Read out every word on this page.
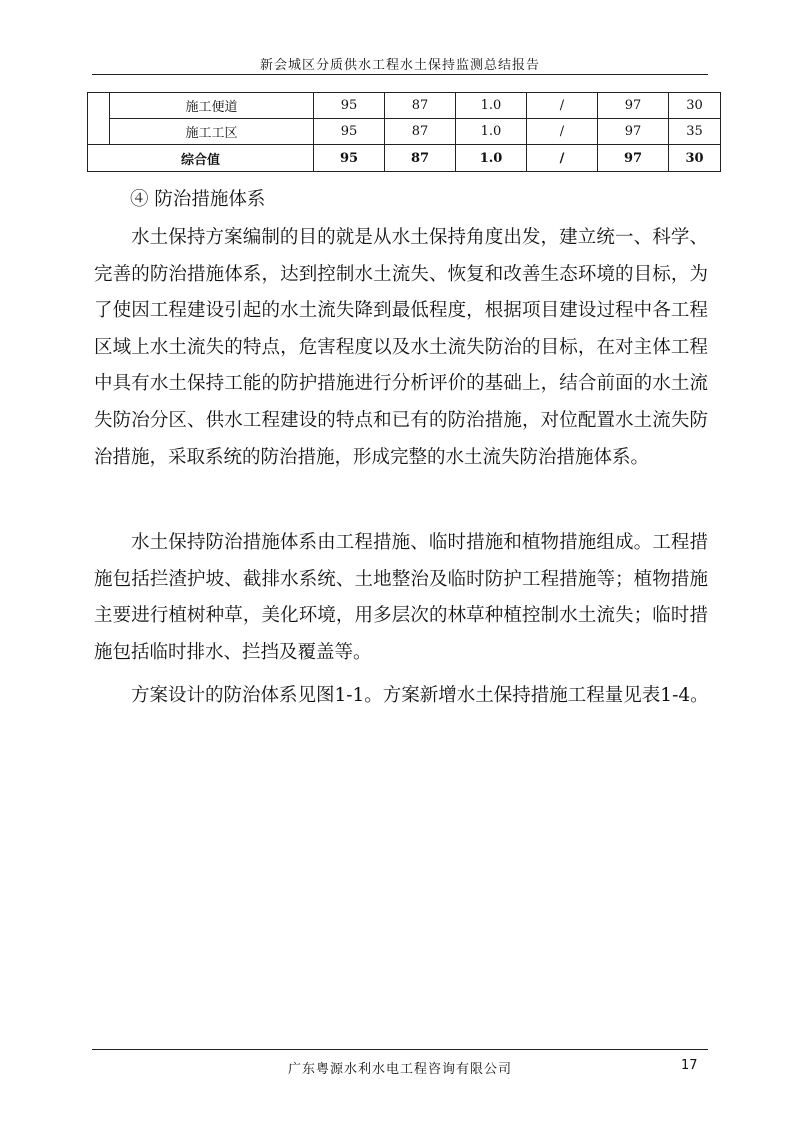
新会城区分质供水工程水土保持监测总结报告
	施工便道	95	87	1.0	/	97	30
	施工工区	95	87	1.0	/	97	35
综合值		95	87	1.0	/	97	30
④ 防治措施体系
水土保持方案编制的目的就是从水土保持角度出发，建立统一、科学、完善的防治措施体系，达到控制水土流失、恢复和改善生态环境的目标，为了使因工程建设引起的水土流失降到最低程度，根据项目建设过程中各工程区域上水土流失的特点，危害程度以及水土流失防治的目标，在对主体工程中具有水土保持工能的防护措施进行分析评价的基础上，结合前面的水土流失防冶分区、供水工程建设的特点和已有的防治措施，对位配置水土流失防治措施，采取系统的防治措施，形成完整的水土流失防治措施体系。
水土保持防治措施体系由工程措施、临时措施和植物措施组成。工程措施包括拦渣护坡、截排水系统、土地整治及临时防护工程措施等；植物措施主要进行植树种草，美化环境，用多层次的林草种植控制水土流失；临时措施包括临时排水、拦挡及覆盖等。
方案设计的防治体系见图1-1。方案新增水土保持措施工程量见表1-4。
广东粤源水利水电工程咨询有限公司	17
